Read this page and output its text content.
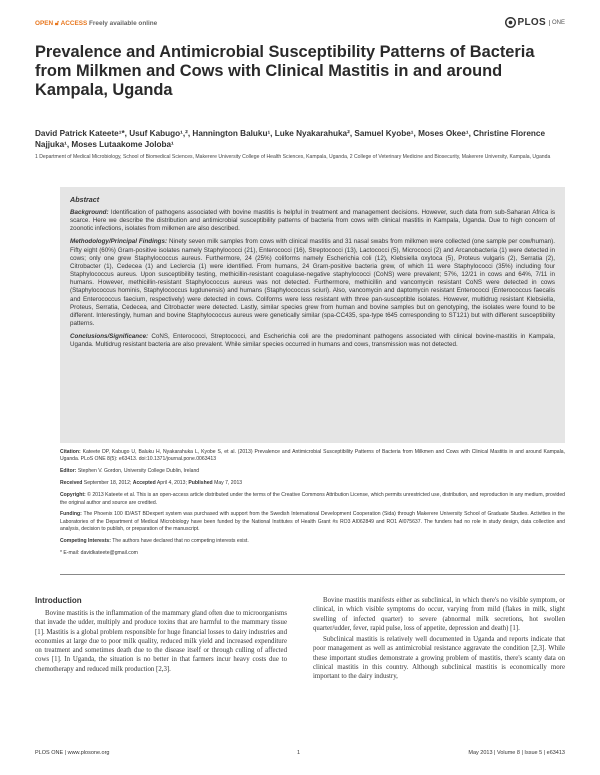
OPEN 🔓︎ ACCESS Freely available online	PLOS	ONE
Prevalence and Antimicrobial Susceptibility Patterns of Bacteria from Milkmen and Cows with Clinical Mastitis in and around Kampala, Uganda
David Patrick Kateete¹*, Usuf Kabugo¹,², Hannington Baluku¹, Luke Nyakarahuka², Samuel Kyobe¹, Moses Okee¹, Christine Florence Najjuka¹, Moses Lutaakome Joloba¹
1 Department of Medical Microbiology, School of Biomedical Sciences, Makerere University College of Health Sciences, Kampala, Uganda, 2 College of Veterinary Medicine and Biosecurity, Makerere University, Kampala, Uganda
Abstract

Background: Identification of pathogens associated with bovine mastitis is helpful in treatment and management decisions. However, such data from sub-Saharan Africa is scarce. Here we describe the distribution and antimicrobial susceptibility patterns of bacteria from cows with clinical mastitis in Kampala, Uganda. Due to high concern of zoonotic infections, isolates from milkmen are also described.

Methodology/Principal Findings: Ninety seven milk samples from cows with clinical mastitis and 31 nasal swabs from milkmen were collected (one sample per cow/human). Fifty eight (60%) Gram-positive isolates namely Staphylococci (21), Enterococci (16), Streptococci (13), Lactococci (5), Micrococci (2) and Arcanobacteria (1) were detected in cows; only one grew Staphylococcus aureus. Furthermore, 24 (25%) coliforms namely Escherichia coli (12), Klebsiella oxytoca (5), Proteus vulgaris (2), Serratia (2), Citrobacter (1), Cedecea (1) and Leclercia (1) were identified. From humans, 24 Gram-positive bacteria grew, of which 11 were Staphylococci (35%) including four Staphylococcus aureus. Upon susceptibility testing, methicillin-resistant coagulase-negative staphylococci (CoNS) were prevalent; 57%, 12/21 in cows and 64%, 7/11 in humans. However, methicillin-resistant Staphylococcus aureus was not detected. Furthermore, methicillin and vancomycin resistant CoNS were detected in cows (Staphylococcus hominis, Staphylococcus lugdunensis) and humans (Staphylococcus sciuri). Also, vancomycin and daptomycin resistant Enterococci (Enterococcus faecalis and Enterococcus faecium, respectively) were detected in cows. Coliforms were less resistant with three pan-susceptible isolates. However, multidrug resistant Klebsiella, Proteus, Serratia, Cedecea, and Citrobacter were detected. Lastly, similar species grew from human and bovine samples but on genotyping, the isolates were found to be different. Interestingly, human and bovine Staphylococcus aureus were genetically similar (spa-CC435, spa-type t645 corresponding to ST121) but with different susceptibility patterns.

Conclusions/Significance: CoNS, Enterococci, Streptococci, and Escherichia coli are the predominant pathogens associated with clinical bovine-mastitis in Kampala, Uganda. Multidrug resistant bacteria are also prevalent. While similar species occurred in humans and cows, transmission was not detected.

Citation: Kateete DP, Kabugo U, Baluku H, Nyakarahuka L, Kyobe S, et al. (2013) Prevalence and Antimicrobial Susceptibility Patterns of Bacteria from Milkmen and Cows with Clinical Mastitis in and around Kampala, Uganda. PLoS ONE 8(5): e63413. doi:10.1371/journal.pone.0063413

Editor: Stephen V. Gordon, University College Dublin, Ireland

Received September 18, 2012; Accepted April 4, 2013; Published May 7, 2013

Copyright: © 2013 Kateete et al. This is an open-access article distributed under the terms of the Creative Commons Attribution License, which permits unrestricted use, distribution, and reproduction in any medium, provided the original author and source are credited.

Funding: The Phoenix 100 ID/AST BDexpert system was purchased with support from the Swedish International Development Cooperation (Sida) through Makerere University School of Graduate Studies. Activities in the Laboratories of the Department of Medical Microbiology have been funded by the National Institutes of Health Grant #s RO3 AI062849 and RO1 AI075637. The funders had no role in study design, data collection and analysis, decision to publish, or preparation of the manuscript.

Competing Interests: The authors have declared that no competing interests exist.

* E-mail: davidkateete@gmail.com

Introduction

Bovine mastitis is the inflammation of the mammary gland often due to microorganisms that invade the udder, multiply and produce toxins that are harmful to the mammary tissue [1]. Mastitis is a global problem responsible for huge financial losses to dairy industries and economies at large due to poor milk quality, reduced milk yield and increased expenditure on treatment and sometimes death due to the disease itself or through culling of affected cows [1]. In Uganda, the situation is no better in that farmers incur heavy costs due to chemotherapy and reduced milk production [2,3].

Bovine mastitis manifests either as subclinical, in which there's no visible symptom, or clinical, in which visible symptoms do occur, varying from mild (flakes in milk, slight swelling of infected quarter) to severe (abnormal milk secretions, hot swollen quarter/udder, fever, rapid pulse, loss of appetite, depression and death) [1].

Subclinical mastitis is relatively well documented in Uganda and reports indicate that poor management as well as antimicrobial resistance aggravate the condition [2,3]. While these important studies demonstrate a growing problem of mastitis, there's scanty data on clinical mastitis in this country. Although subclinical mastitis is economically more important to the dairy industry,

PLOS ONE | www.plosone.org	1	May 2013 | Volume 8 | Issue 5 | e63413
